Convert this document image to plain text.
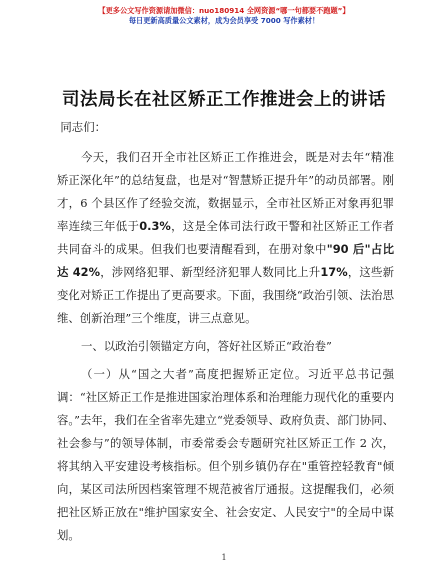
【更多公文写作资源请加微信：nuo180914 全网资源“哪一句都要不跑题”】
每日更新高质量公文素材，成为会员享受 7000 写作素材！
司法局长在社区矫正工作推进会上的讲话

同志们：

今天，我们召开全市社区矫正工作推进会，既是对去年“精准矫正深化年”的总结复盘，也是对“智慧矫正提升年”的动员部署。刚才，6 个县区作了经验交流，数据显示，全市社区矫正对象再犯罪率连续三年低于0.3%，这是全体司法行政干警和社区矫正工作者共同奋斗的成果。但我们也要清醒看到，在册对象中"90 后"占比达 42%，涉网络犯罪、新型经济犯罪人数同比上升17%，这些新变化对矫正工作提出了更高要求。下面，我围绕“政治引领、法治思维、创新治理”三个维度，讲三点意见。

一、以政治引领锚定方向，答好社区矫正“政治卷”

（一）从“国之大者”高度把握矫正定位。习近平总书记强调：“社区矫正工作是推进国家治理体系和治理能力现代化的重要内容。”去年，我们在全省率先建立“党委领导、政府负责、部门协同、社会参与”的领导体制，市委常委会专题研究社区矫正工作 2 次，将其纳入平安建设考核指标。但个别乡镇仍存在"重管控轻教育"倾向，某区司法所因档案管理不规范被省厅通报。这提醒我们，必须把社区矫正放在"维护国家安全、社会安定、人民安宁"的全局中谋划。

1
